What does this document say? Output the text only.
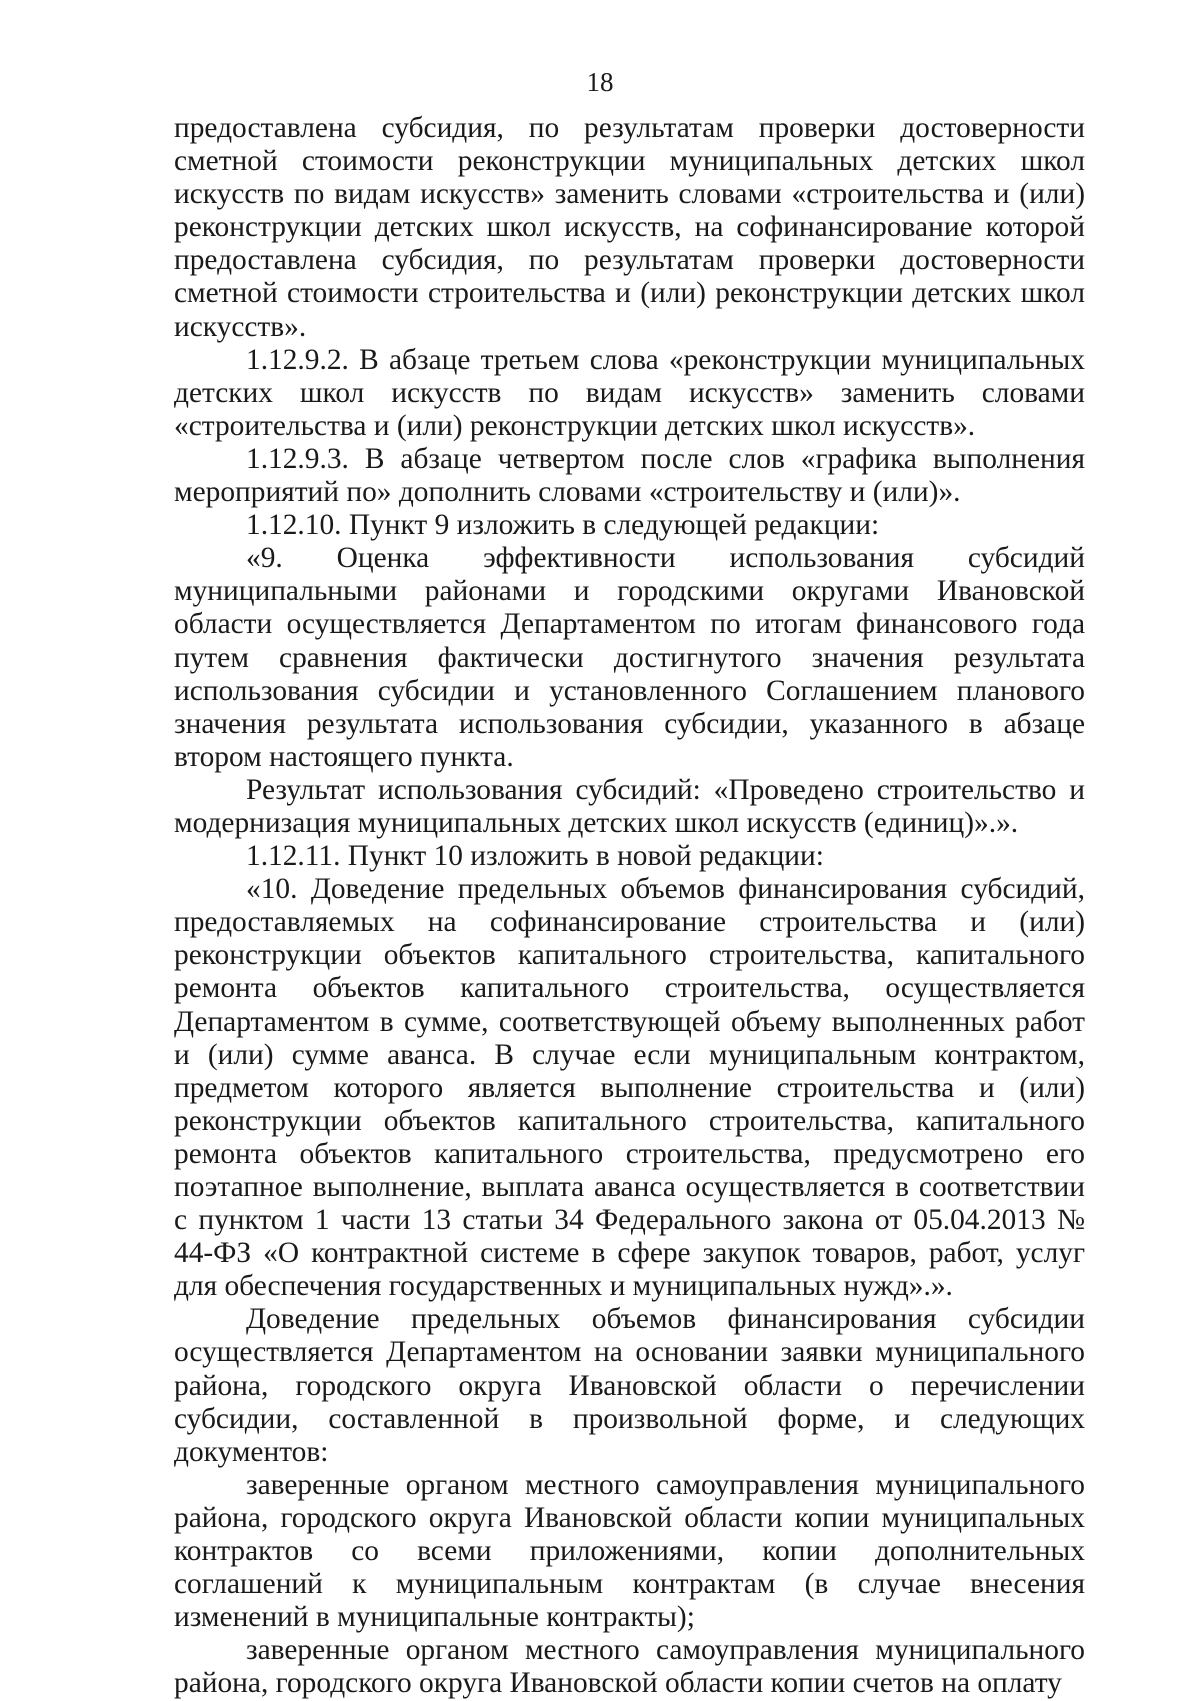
18

предоставлена субсидия, по результатам проверки достоверности сметной стоимости реконструкции муниципальных детских школ искусств по видам искусств» заменить словами «строительства и (или) реконструкции детских школ искусств, на софинансирование которой предоставлена субсидия, по результатам проверки достоверности сметной стоимости строительства и (или) реконструкции детских школ искусств».

1.12.9.2. В абзаце третьем слова «реконструкции муниципальных детских школ искусств по видам искусств» заменить словами «строительства и (или) реконструкции детских школ искусств».

1.12.9.3. В абзаце четвертом после слов «графика выполнения мероприятий по» дополнить словами «строительству и (или)».

1.12.10. Пункт 9 изложить в следующей редакции:

«9. Оценка эффективности использования субсидий муниципальными районами и городскими округами Ивановской области осуществляется Департаментом по итогам финансового года путем сравнения фактически достигнутого значения результата использования субсидии и установленного Соглашением планового значения результата использования субсидии, указанного в абзаце втором настоящего пункта.

Результат использования субсидий: «Проведено строительство и модернизация муниципальных детских школ искусств (единиц)».».

1.12.11. Пункт 10 изложить в новой редакции:

«10. Доведение предельных объемов финансирования субсидий, предоставляемых на софинансирование строительства и (или) реконструкции объектов капитального строительства, капитального ремонта объектов капитального строительства, осуществляется Департаментом в сумме, соответствующей объему выполненных работ и (или) сумме аванса. В случае если муниципальным контрактом, предметом которого является выполнение строительства и (или) реконструкции объектов капитального строительства, капитального ремонта объектов капитального строительства, предусмотрено его поэтапное выполнение, выплата аванса осуществляется в соответствии с пунктом 1 части 13 статьи 34 Федерального закона от 05.04.2013 № 44-ФЗ «О контрактной системе в сфере закупок товаров, работ, услуг для обеспечения государственных и муниципальных нужд».».

Доведение предельных объемов финансирования субсидии осуществляется Департаментом на основании заявки муниципального района, городского округа Ивановской области о перечислении субсидии, составленной в произвольной форме, и следующих документов:

заверенные органом местного самоуправления муниципального района, городского округа Ивановской области копии муниципальных контрактов со всеми приложениями, копии дополнительных соглашений к муниципальным контрактам (в случае внесения изменений в муниципальные контракты);

заверенные органом местного самоуправления муниципального района, городского округа Ивановской области копии счетов на оплату
